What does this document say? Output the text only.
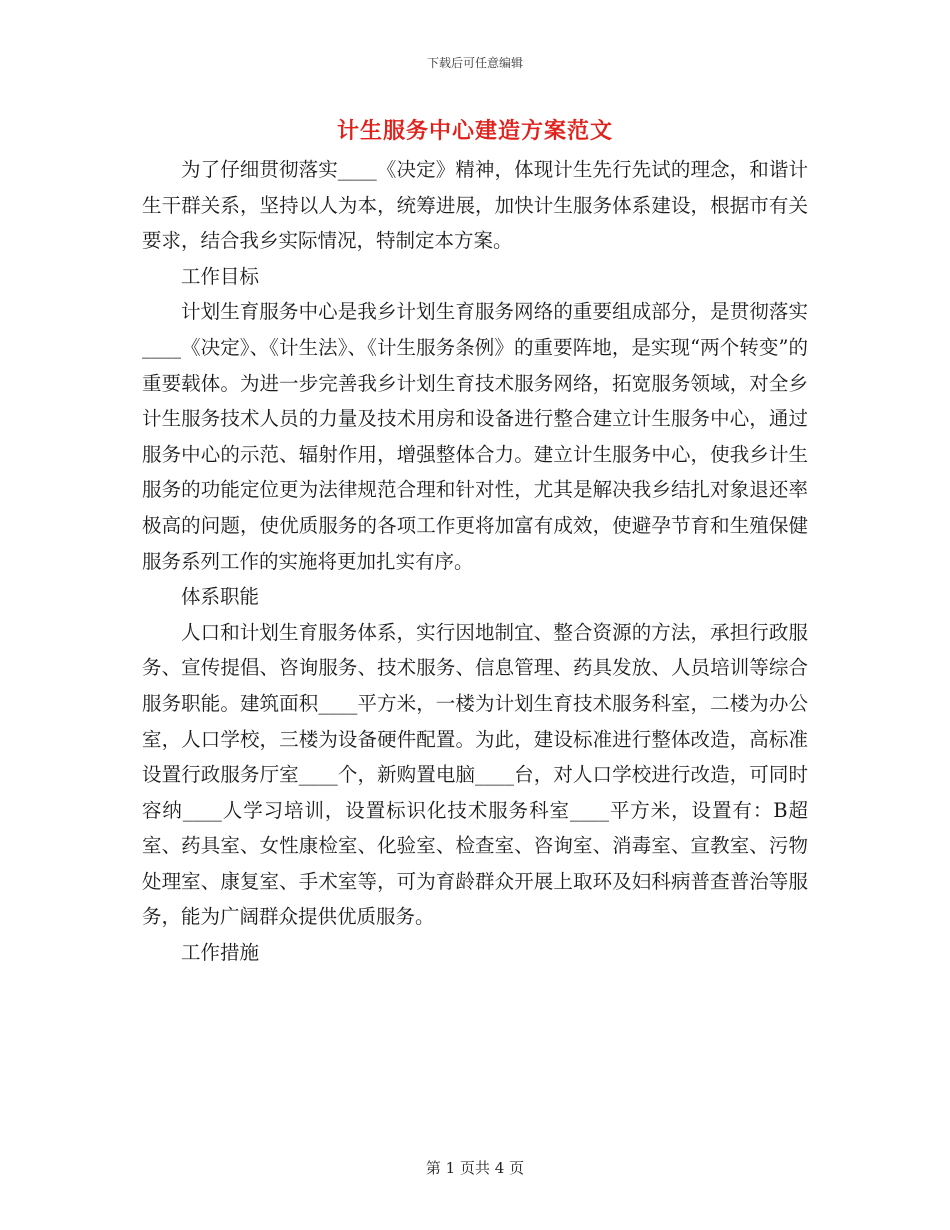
下载后可任意编辑
计生服务中心建造方案范文

为了仔细贯彻落实____《决定》精神，体现计生先行先试的理念，和谐计生干群关系，坚持以人为本，统筹进展，加快计生服务体系建设，根据市有关要求，结合我乡实际情况，特制定本方案。

工作目标

计划生育服务中心是我乡计划生育服务网络的重要组成部分，是贯彻落实____《决定》、《计生法》、《计生服务条例》的重要阵地，是实现“两个转变”的重要载体。为进一步完善我乡计划生育技术服务网络，拓宽服务领域，对全乡计生服务技术人员的力量及技术用房和设备进行整合建立计生服务中心，通过服务中心的示范、辐射作用，增强整体合力。建立计生服务中心，使我乡计生服务的功能定位更为法律规范合理和针对性，尤其是解决我乡结扎对象退还率极高的问题，使优质服务的各项工作更将加富有成效，使避孕节育和生殖保健服务系列工作的实施将更加扎实有序。

体系职能

人口和计划生育服务体系，实行因地制宜、整合资源的方法，承担行政服务、宣传提倡、咨询服务、技术服务、信息管理、药具发放、人员培训等综合服务职能。建筑面积____平方米，一楼为计划生育技术服务科室，二楼为办公室，人口学校，三楼为设备硬件配置。为此，建设标准进行整体改造，高标准设置行政服务厅室____个，新购置电脑____台，对人口学校进行改造，可同时容纳____人学习培训，设置标识化技术服务科室____平方米，设置有：B超室、药具室、女性康检室、化验室、检查室、咨询室、消毒室、宣教室、污物处理室、康复室、手术室等，可为育龄群众开展上取环及妇科病普查普治等服务，能为广阔群众提供优质服务。

工作措施

第 1 页共 4 页
